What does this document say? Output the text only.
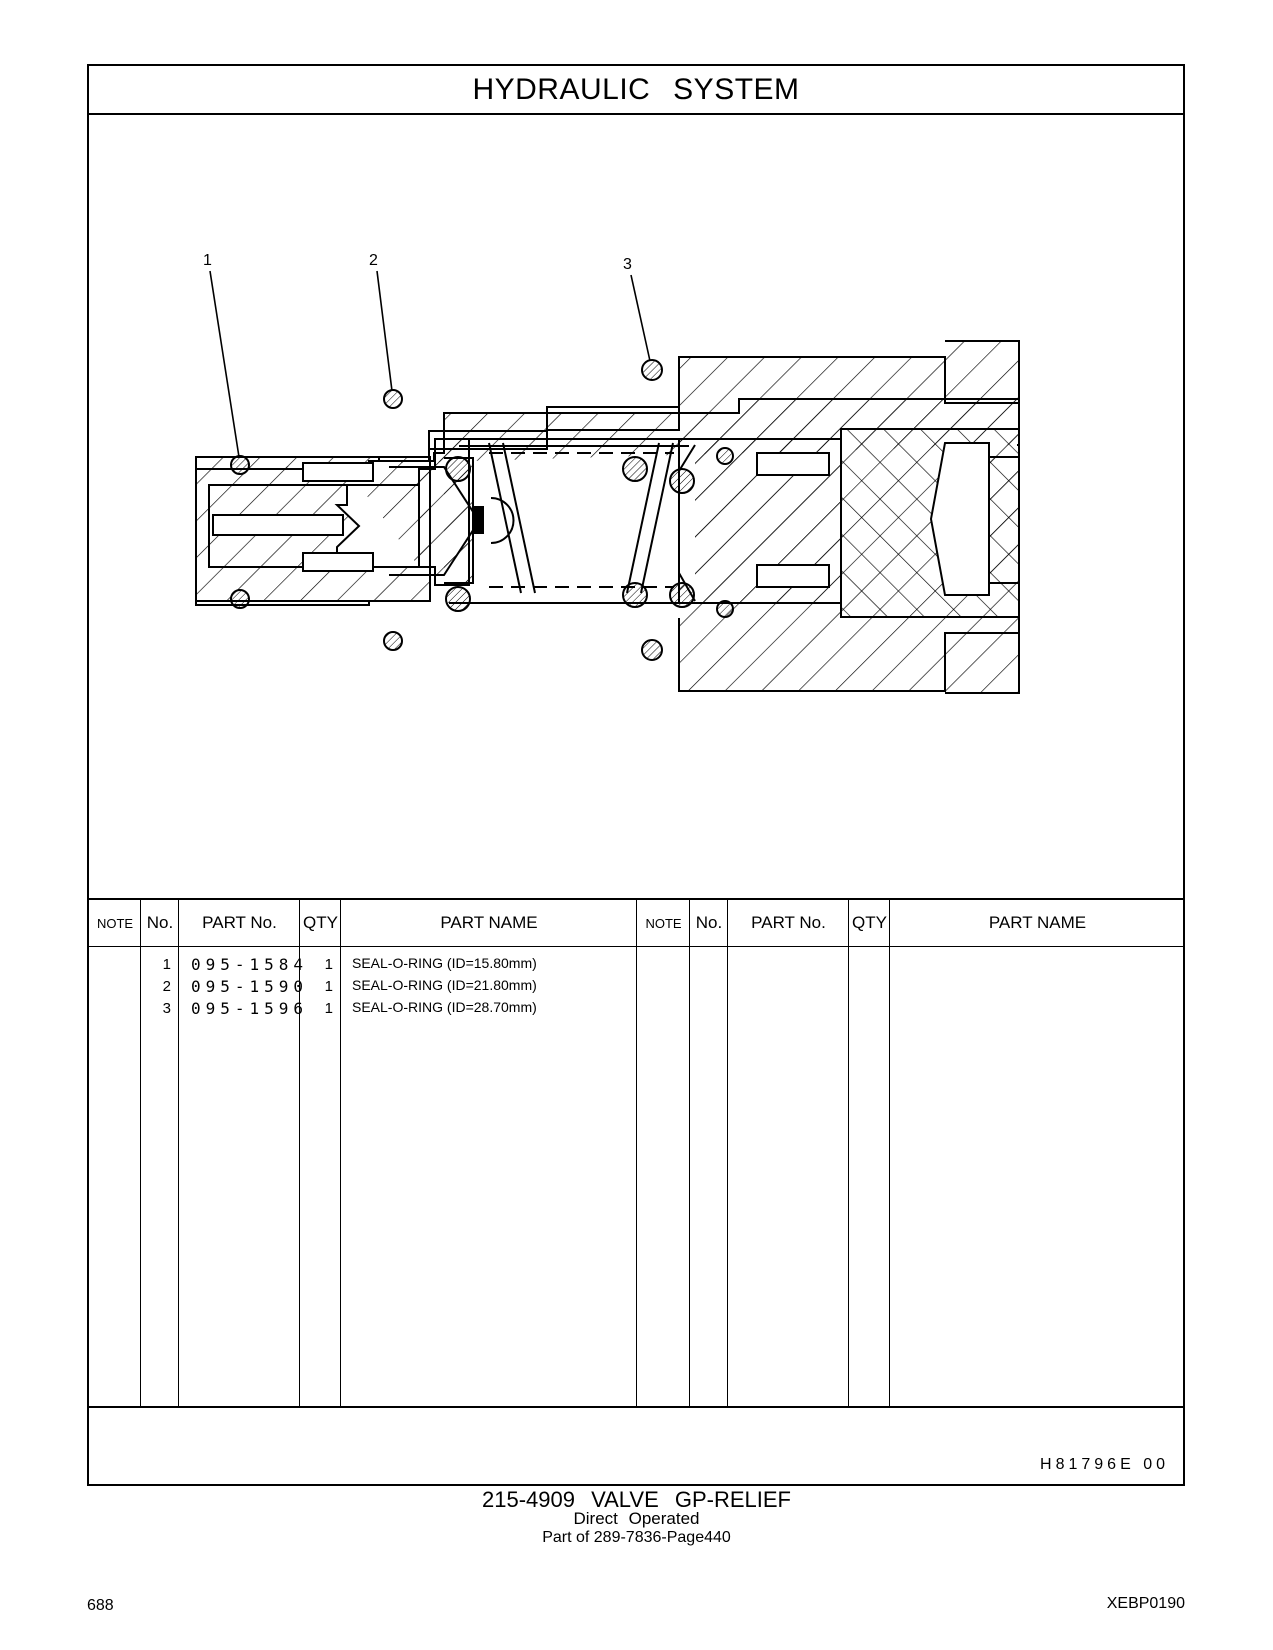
HYDRAULIC SYSTEM
1	2	3
NOTE No.	PART No.	QTY	PART NAME	NOTE No.	PART No.	QTY	PART NAME
1 095-1584	1 SEAL-O-RING (ID=15.80mm)
2 095-1590	1 SEAL-O-RING (ID=21.80mm)
3 095-1596	1 SEAL-O-RING (ID=28.70mm)
H81796E 00
215-4909 VALVE GP-RELIEF
Direct Operated
Part of 289-7836-Page440
688	XEBP0190
